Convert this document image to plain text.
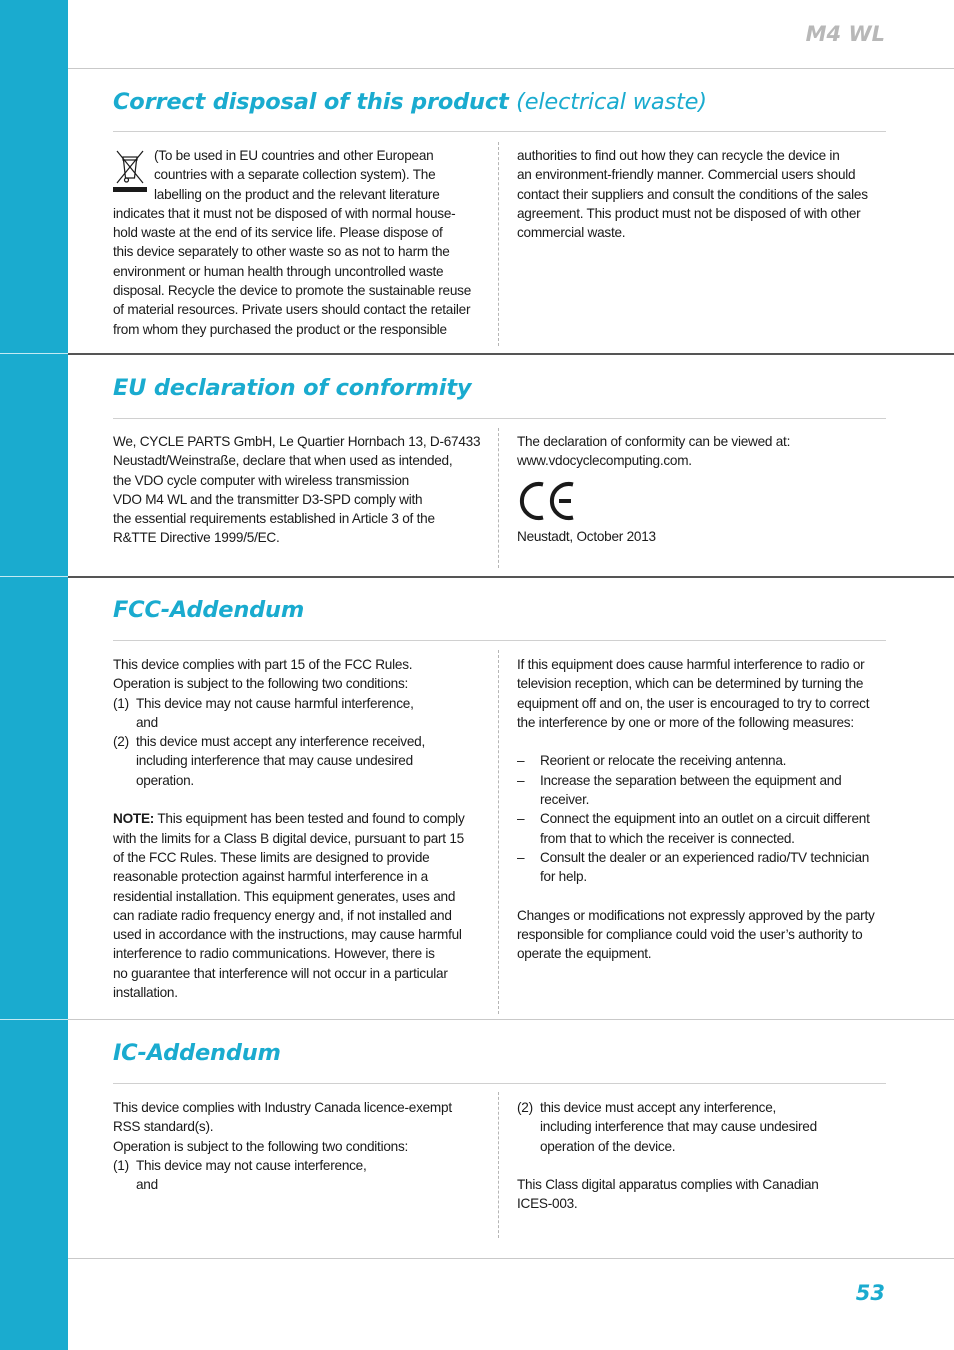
M4 WL
Correct disposal of this product (electrical waste)

(To be used in EU countries and other European

countries with a separate collection system). The

labelling on the product and the relevant literature

indicates that it must not be disposed of with normal house-

hold waste at the end of its service life. Please dispose of

this device separately to other waste so as not to harm the

environment or human health through uncontrolled waste

disposal. Recycle the device to promote the sustainable reuse

of material resources. Private users should contact the retailer

from whom they purchased the product or the responsible

authorities to find out how they can recycle the device in

an environment-friendly manner. Commercial users should

contact their suppliers and consult the conditions of the sales

agreement. This product must not be disposed of with other

commercial waste.

EU declaration of conformity

We, CYCLE PARTS GmbH, Le Quartier Hornbach 13, D-67433

Neustadt/Weinstraße, declare that when used as intended,

the VDO cycle computer with wireless transmission

VDO M4 WL and the transmitter D3-SPD comply with

the essential requirements established in Article 3 of the

R&TTE Directive 1999/5/EC.

The declaration of conformity can be viewed at:

www.vdocyclecomputing.com.

Neustadt, October 2013

FCC-Addendum

This device complies with part 15 of the FCC Rules.

Operation is subject to the following two conditions:

(1) This device may not cause harmful interference,
and
(2) this device must accept any interference received,
including interference that may cause undesired
operation.

NOTE: This equipment has been tested and found to comply

with the limits for a Class B digital device, pursuant to part 15

of the FCC Rules. These limits are designed to provide

reasonable protection against harmful interference in a

residential installation. This equipment generates, uses and

can radiate radio frequency energy and, if not installed and

used in accordance with the instructions, may cause harmful

interference to radio communications. However, there is

no guarantee that interference will not occur in a particular

installation.

If this equipment does cause harmful interference to radio or

television reception, which can be determined by turning the

equipment off and on, the user is encouraged to try to correct

the interference by one or more of the following measures:

–	Reorient or relocate the receiving antenna.
–	Increase the separation between the equipment and
receiver.
–	Connect the equipment into an outlet on a circuit different
from that to which the receiver is connected.
–	Consult the dealer or an experienced radio/TV technician
for help.

Changes or modifications not expressly approved by the party

responsible for compliance could void the user’s authority to

operate the equipment.

IC-Addendum

This device complies with Industry Canada licence-exempt

RSS standard(s).

Operation is subject to the following two conditions:

(1) This device may not cause interference,
and
(2) this device must accept any interference,
including interference that may cause undesired
operation of the device.

This Class digital apparatus complies with Canadian

ICES-003.

53
